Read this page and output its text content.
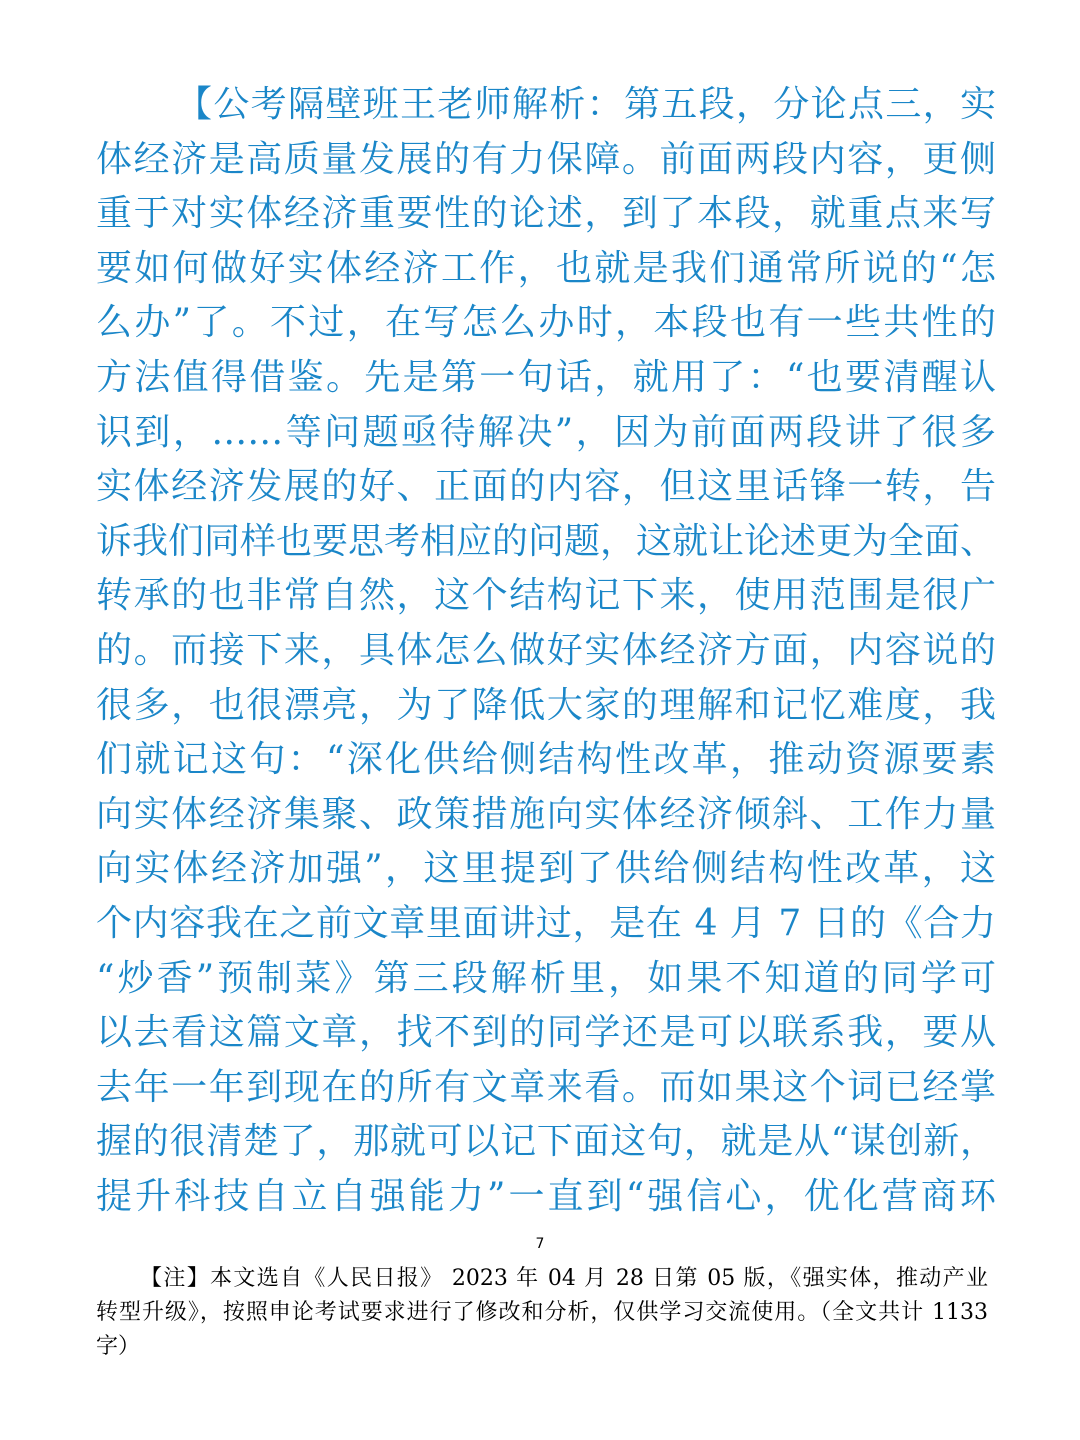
【公考隔壁班王老师解析：第五段，分论点三，实
体经济是高质量发展的有力保障。前面两段内容，更侧
重于对实体经济重要性的论述，到了本段，就重点来写
要如何做好实体经济工作，也就是我们通常所说的“怎
么办”了。不过，在写怎么办时，本段也有一些共性的
方法值得借鉴。先是第一句话，就用了：“也要清醒认
识到，……等问题亟待解决”，因为前面两段讲了很多
实体经济发展的好、正面的内容，但这里话锋一转，告
诉我们同样也要思考相应的问题，这就让论述更为全面、
转承的也非常自然，这个结构记下来，使用范围是很广
的。而接下来，具体怎么做好实体经济方面，内容说的
很多，也很漂亮，为了降低大家的理解和记忆难度，我
们就记这句：“深化供给侧结构性改革，推动资源要素
向实体经济集聚、政策措施向实体经济倾斜、工作力量
向实体经济加强”，这里提到了供给侧结构性改革，这
个内容我在之前文章里面讲过，是在 4 月 7 日的《合力
“炒香”预制菜》第三段解析里，如果不知道的同学可
以去看这篇文章，找不到的同学还是可以联系我，要从
去年一年到现在的所有文章来看。而如果这个词已经掌
握的很清楚了，那就可以记下面这句，就是从“谋创新，
提升科技自立自强能力”一直到“强信心，优化营商环
7
【注】本文选自《人民日报》 2023 年 04 月 28 日第 05 版，《强实体，推动产业
转型升级》，按照申论考试要求进行了修改和分析，仅供学习交流使用。（全文共计 1133
字）
